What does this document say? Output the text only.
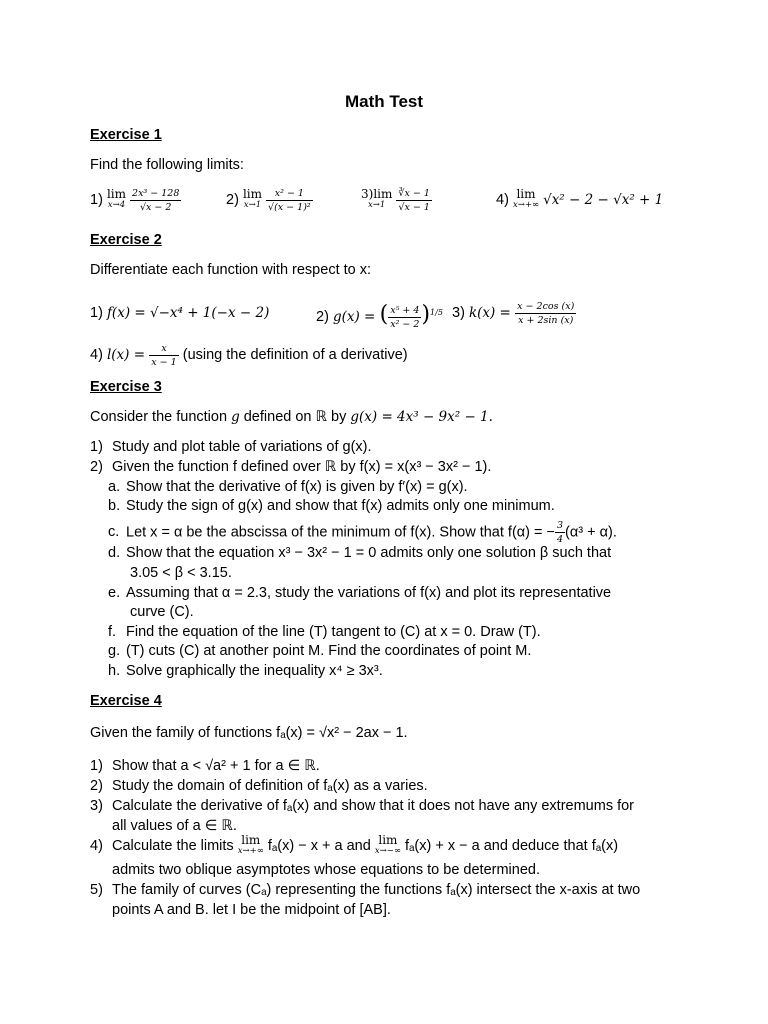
Math Test
Exercise 1
Find the following limits:
1) lim
x→4
$\frac{\text{2x³ − 128}}{√x - 2}$	2) lim
x→1
$\frac{\text{x² − 1}}{\text{√(x − 1)²}}$	3)lim
x→1
	$\frac{∛x - 1}{√x - 1}$	4) lim
x→+∞ √x² − 2 − √x² + 1
Exercise 2
Differentiate each function with respect to x:
1) f(x) = √−x⁴ + 1(−x − 2)	2) g(x) = ( $\frac{\text{x⁵ + 4}}{\text{x² − 2}} )^{1/5}$ 3) $k(x) = \frac{x - 2\cos (x)}{x + 2\sin (x)}$
4) $l(x) = \frac{x}{x - 1} (using$ the definition of a derivative)
Exercise 3
Consider the function g defined on ℝ by g(x) = 4x³ − 9x² − 1.
1) Study and plot table of variations of g(x).
2) Given the function f defined over ℝ by f(x) = x(x³ − 3x² − 1).
a. Show that the derivative of f(x) is given by f′(x) = g(x).
b. Study the sign of g(x) and show that f(x) admits only one minimum.
c. Let x = α be the abscissa of the minimum of f(x). Show that f(α) = − $\frac{3}{4} (\alpha^3 + \alpha)$.
d. Show that the equation x³ − 3x² − 1 = 0 admits only one solution β such that
3.05 < β < 3.15.
e. Assuming that α = 2.3, study the variations of f(x) and plot its representative
curve (C).
f. Find the equation of the line (T) tangent to (C) at x = 0. Draw (T).
g. (T) cuts (C) at another point M. Find the coordinates of point M.
h. Solve graphically the inequality x⁴ ≥ 3x³.
Exercise 4
Given the family of functions fₐ(x) = √x² − 2ax − 1.
1) Show that a < √a² + 1 for a ∈ ℝ.
2) Study the domain of definition of fₐ(x) as a varies.
3) Calculate the derivative of fₐ(x) and show that it does not have any extremums for
all values of a ∈ ℝ.
4) Calculate the limits lim
x→+∞ fₐ(x) − x + a and lim
x→−∞ fₐ(x) + x − a and deduce that fₐ(x)
admits two oblique asymptotes whose equations to be determined.
5) The family of curves (Cₐ) representing the functions fₐ(x) intersect the x-axis at two
points A and B. let I be the midpoint of [AB].
